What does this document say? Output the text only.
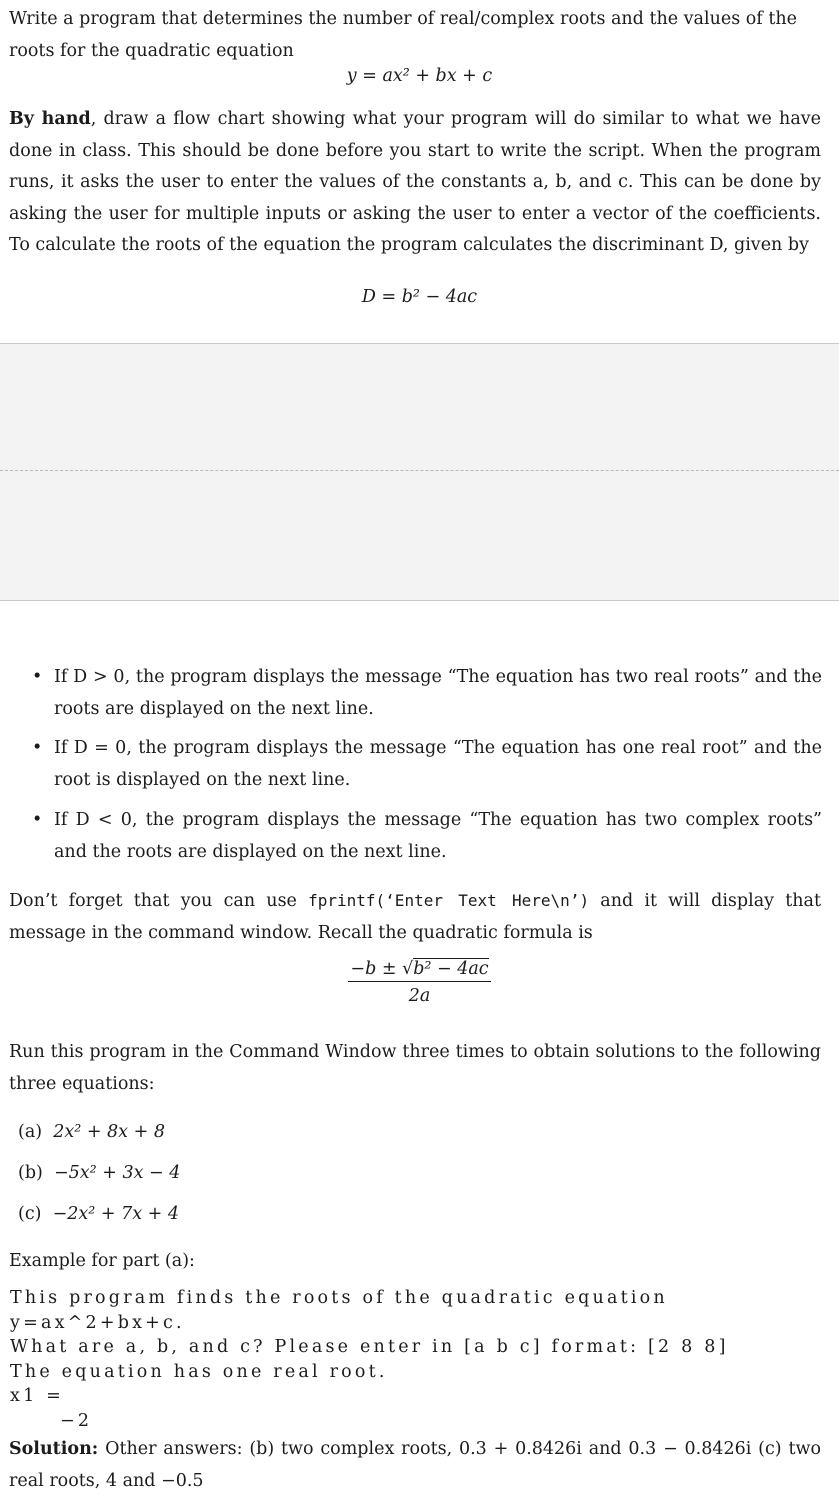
Write a program that determines the number of real/complex roots and the values of the
roots for the quadratic equation
y = ax² + bx + c
By hand, draw a flow chart showing what your program will do similar to what we have done in class. This should be done before you start to write the script. When the program runs, it asks the user to enter the values of the constants a, b, and c. This can be done by asking the user for multiple inputs or asking the user to enter a vector of the coefficients. To calculate the roots of the equation the program calculates the discriminant D, given by
D = b² − 4ac
• If D > 0, the program displays the message “The equation has two real roots” and the roots are displayed on the next line.
• If D = 0, the program displays the message “The equation has one real root” and the root is displayed on the next line.
• If D < 0, the program displays the message “The equation has two complex roots” and the roots are displayed on the next line.
Don’t forget that you can use fprintf(‘Enter Text Here\n’) and it will display that message in the command window. Recall the quadratic formula is
$\frac{\text{−b ± √b² − 4ac}}{2a}$
Run this program in the Command Window three times to obtain solutions to the following three equations:
(a) 2x² + 8x + 8
(b) −5x² + 3x − 4
(c) −2x² + 7x + 4
Example for part (a):
This program finds the roots of the quadratic equation y=ax^2+bx+c.
What are a, b, and c? Please enter in [a b c] format: [2 8 8]
The equation has one real root.
x1 =
−2
Solution: Other answers: (b) two complex roots, 0.3 + 0.8426i and 0.3 − 0.8426i (c) two real roots, 4 and −0.5
